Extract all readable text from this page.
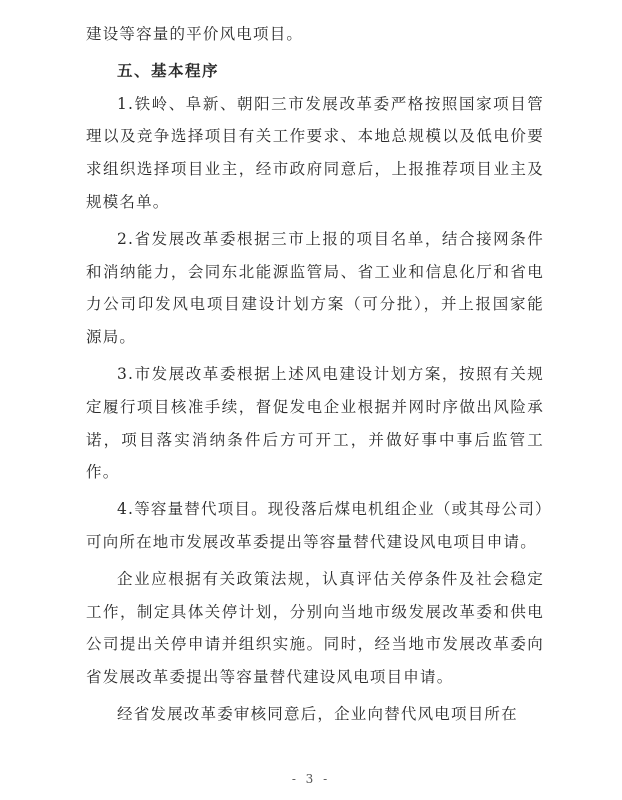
建设等容量的平价风电项目。

五、基本程序

1.铁岭、阜新、朝阳三市发展改革委严格按照国家项目管理以及竞争选择项目有关工作要求、本地总规模以及低电价要求组织选择项目业主，经市政府同意后，上报推荐项目业主及规模名单。

2.省发展改革委根据三市上报的项目名单，结合接网条件和消纳能力，会同东北能源监管局、省工业和信息化厅和省电力公司印发风电项目建设计划方案（可分批），并上报国家能源局。

3.市发展改革委根据上述风电建设计划方案，按照有关规定履行项目核准手续，督促发电企业根据并网时序做出风险承诺，项目落实消纳条件后方可开工，并做好事中事后监管工作。

4.等容量替代项目。现役落后煤电机组企业（或其母公司）可向所在地市发展改革委提出等容量替代建设风电项目申请。

企业应根据有关政策法规，认真评估关停条件及社会稳定工作，制定具体关停计划，分别向当地市级发展改革委和供电公司提出关停申请并组织实施。同时，经当地市发展改革委向省发展改革委提出等容量替代建设风电项目申请。

经省发展改革委审核同意后，企业向替代风电项目所在

- 3 -
